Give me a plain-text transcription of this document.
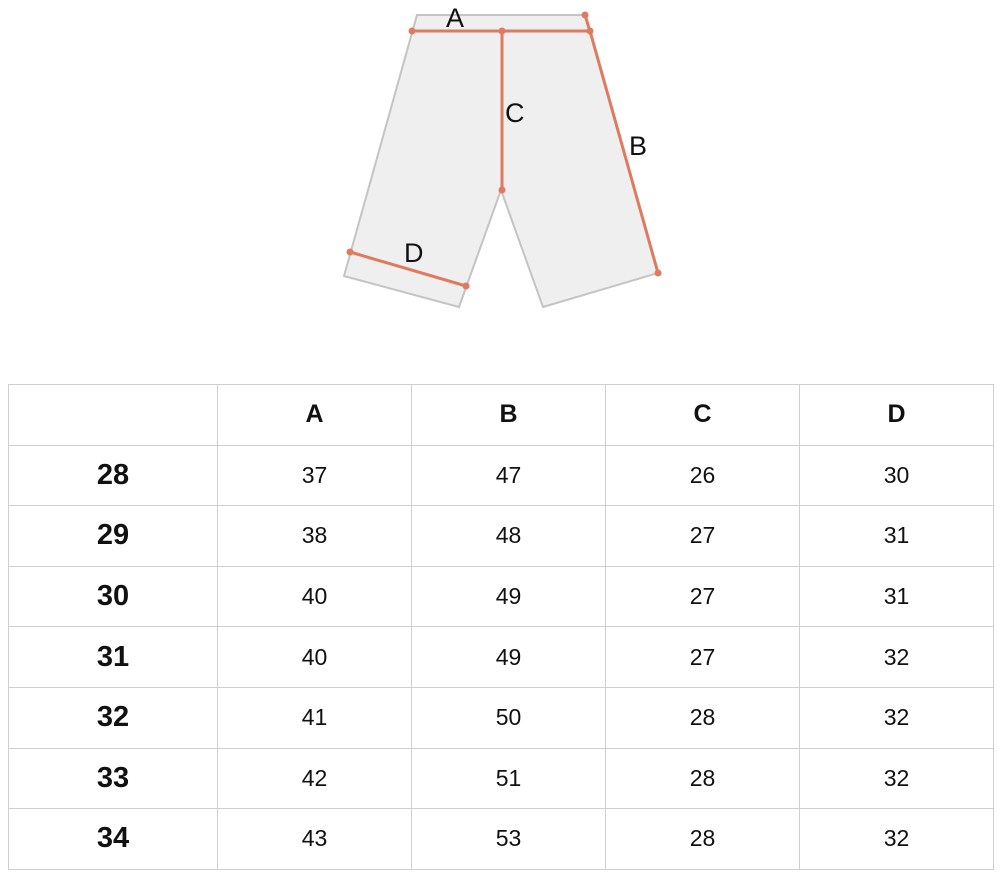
A
C
B
D
	A	B	C	D
28	37	47	26	30
29	38	48	27	31
30	40	49	27	31
31	40	49	27	32
32	41	50	28	32
33	42	51	28	32
34	43	53	28	32
